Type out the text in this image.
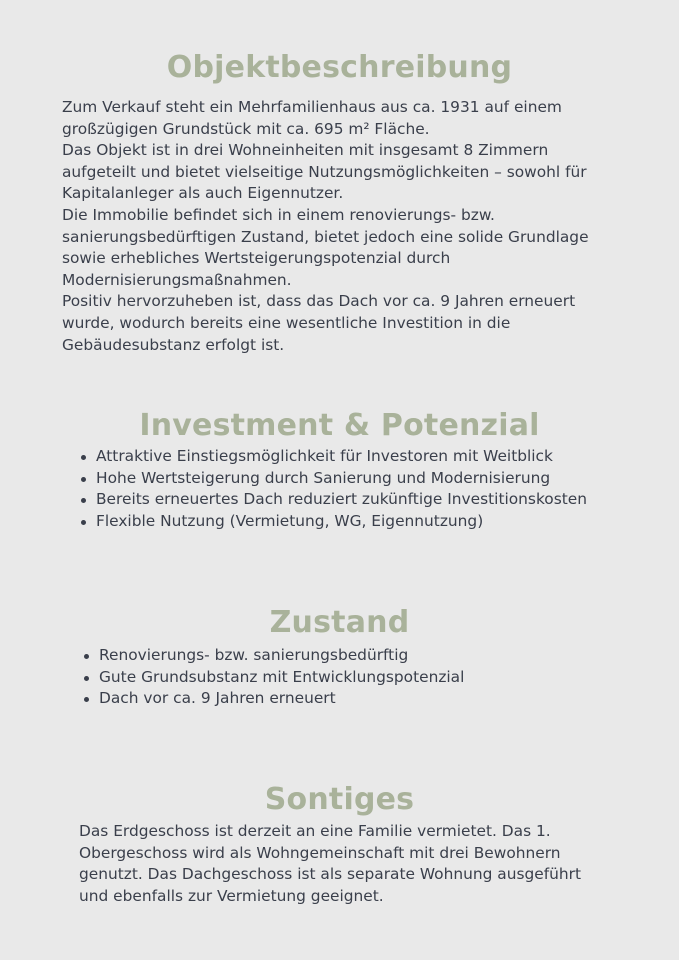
Objektbeschreibung

Zum Verkauf steht ein Mehrfamilienhaus aus ca. 1931 auf einem großzügigen Grundstück mit ca. 695 m² Fläche.

Das Objekt ist in drei Wohneinheiten mit insgesamt 8 Zimmern aufgeteilt und bietet vielseitige Nutzungsmöglichkeiten – sowohl für Kapitalanleger als auch Eigennutzer.

Die Immobilie befindet sich in einem renovierungs- bzw. sanierungsbedürftigen Zustand, bietet jedoch eine solide Grundlage sowie erhebliches Wertsteigerungspotenzial durch Modernisierungsmaßnahmen.

Positiv hervorzuheben ist, dass das Dach vor ca. 9 Jahren erneuert wurde, wodurch bereits eine wesentliche Investition in die Gebäudesubstanz erfolgt ist.

Investment & Potenzial
Attraktive Einstiegsmöglichkeit für Investoren mit Weitblick
Hohe Wertsteigerung durch Sanierung und Modernisierung
Bereits erneuertes Dach reduziert zukünftige Investitionskosten
Flexible Nutzung (Vermietung, WG, Eigennutzung)
Zustand
Renovierungs- bzw. sanierungsbedürftig
Gute Grundsubstanz mit Entwicklungspotenzial
Dach vor ca. 9 Jahren erneuert
Sontiges

Das Erdgeschoss ist derzeit an eine Familie vermietet. Das 1. Obergeschoss wird als Wohngemeinschaft mit drei Bewohnern genutzt. Das Dachgeschoss ist als separate Wohnung ausgeführt und ebenfalls zur Vermietung geeignet.
